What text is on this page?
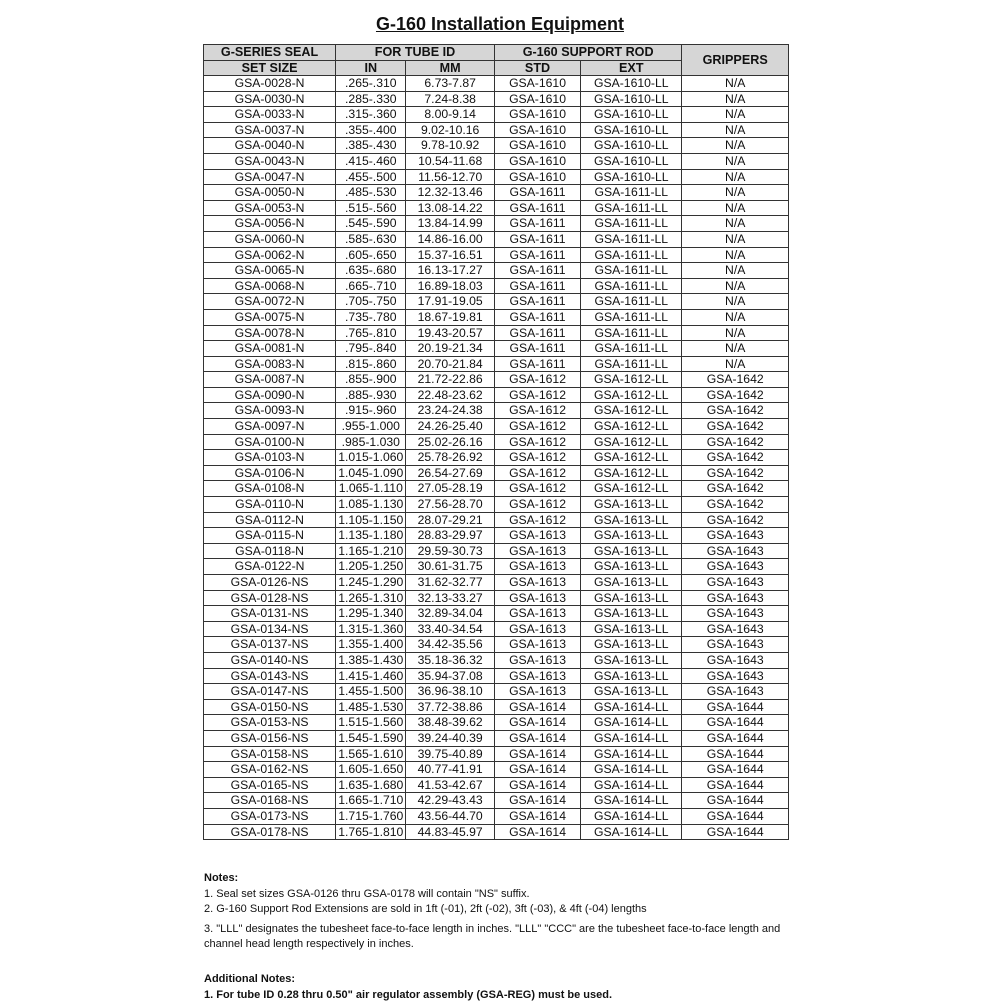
G-160 Installation Equipment
G-SERIES SEAL	FOR TUBE ID		G-160 SUPPORT ROD		GRIPPERS
SET SIZE	IN	MM	STD	EXT	
GSA-0028-N	.265-.310	6.73-7.87	GSA-1610	GSA-1610-LL	N/A
GSA-0030-N	.285-.330	7.24-8.38	GSA-1610	GSA-1610-LL	N/A
GSA-0033-N	.315-.360	8.00-9.14	GSA-1610	GSA-1610-LL	N/A
GSA-0037-N	.355-.400	9.02-10.16	GSA-1610	GSA-1610-LL	N/A
GSA-0040-N	.385-.430	9.78-10.92	GSA-1610	GSA-1610-LL	N/A
GSA-0043-N	.415-.460	10.54-11.68	GSA-1610	GSA-1610-LL	N/A
GSA-0047-N	.455-.500	11.56-12.70	GSA-1610	GSA-1610-LL	N/A
GSA-0050-N	.485-.530	12.32-13.46	GSA-1611	GSA-1611-LL	N/A
GSA-0053-N	.515-.560	13.08-14.22	GSA-1611	GSA-1611-LL	N/A
GSA-0056-N	.545-.590	13.84-14.99	GSA-1611	GSA-1611-LL	N/A
GSA-0060-N	.585-.630	14.86-16.00	GSA-1611	GSA-1611-LL	N/A
GSA-0062-N	.605-.650	15.37-16.51	GSA-1611	GSA-1611-LL	N/A
GSA-0065-N	.635-.680	16.13-17.27	GSA-1611	GSA-1611-LL	N/A
GSA-0068-N	.665-.710	16.89-18.03	GSA-1611	GSA-1611-LL	N/A
GSA-0072-N	.705-.750	17.91-19.05	GSA-1611	GSA-1611-LL	N/A
GSA-0075-N	.735-.780	18.67-19.81	GSA-1611	GSA-1611-LL	N/A
GSA-0078-N	.765-.810	19.43-20.57	GSA-1611	GSA-1611-LL	N/A
GSA-0081-N	.795-.840	20.19-21.34	GSA-1611	GSA-1611-LL	N/A
GSA-0083-N	.815-.860	20.70-21.84	GSA-1611	GSA-1611-LL	N/A
GSA-0087-N	.855-.900	21.72-22.86	GSA-1612	GSA-1612-LL	GSA-1642
GSA-0090-N	.885-.930	22.48-23.62	GSA-1612	GSA-1612-LL	GSA-1642
GSA-0093-N	.915-.960	23.24-24.38	GSA-1612	GSA-1612-LL	GSA-1642
GSA-0097-N	.955-1.000	24.26-25.40	GSA-1612	GSA-1612-LL	GSA-1642
GSA-0100-N	.985-1.030	25.02-26.16	GSA-1612	GSA-1612-LL	GSA-1642
GSA-0103-N	1.015-1.060	25.78-26.92	GSA-1612	GSA-1612-LL	GSA-1642
GSA-0106-N	1.045-1.090	26.54-27.69	GSA-1612	GSA-1612-LL	GSA-1642
GSA-0108-N	1.065-1.110	27.05-28.19	GSA-1612	GSA-1612-LL	GSA-1642
GSA-0110-N	1.085-1.130	27.56-28.70	GSA-1612	GSA-1613-LL	GSA-1642
GSA-0112-N	1.105-1.150	28.07-29.21	GSA-1612	GSA-1613-LL	GSA-1642
GSA-0115-N	1.135-1.180	28.83-29.97	GSA-1613	GSA-1613-LL	GSA-1643
GSA-0118-N	1.165-1.210	29.59-30.73	GSA-1613	GSA-1613-LL	GSA-1643
GSA-0122-N	1.205-1.250	30.61-31.75	GSA-1613	GSA-1613-LL	GSA-1643
GSA-0126-NS	1.245-1.290	31.62-32.77	GSA-1613	GSA-1613-LL	GSA-1643
GSA-0128-NS	1.265-1.310	32.13-33.27	GSA-1613	GSA-1613-LL	GSA-1643
GSA-0131-NS	1.295-1.340	32.89-34.04	GSA-1613	GSA-1613-LL	GSA-1643
GSA-0134-NS	1.315-1.360	33.40-34.54	GSA-1613	GSA-1613-LL	GSA-1643
GSA-0137-NS	1.355-1.400	34.42-35.56	GSA-1613	GSA-1613-LL	GSA-1643
GSA-0140-NS	1.385-1.430	35.18-36.32	GSA-1613	GSA-1613-LL	GSA-1643
GSA-0143-NS	1.415-1.460	35.94-37.08	GSA-1613	GSA-1613-LL	GSA-1643
GSA-0147-NS	1.455-1.500	36.96-38.10	GSA-1613	GSA-1613-LL	GSA-1643
GSA-0150-NS	1.485-1.530	37.72-38.86	GSA-1614	GSA-1614-LL	GSA-1644
GSA-0153-NS	1.515-1.560	38.48-39.62	GSA-1614	GSA-1614-LL	GSA-1644
GSA-0156-NS	1.545-1.590	39.24-40.39	GSA-1614	GSA-1614-LL	GSA-1644
GSA-0158-NS	1.565-1.610	39.75-40.89	GSA-1614	GSA-1614-LL	GSA-1644
GSA-0162-NS	1.605-1.650	40.77-41.91	GSA-1614	GSA-1614-LL	GSA-1644
GSA-0165-NS	1.635-1.680	41.53-42.67	GSA-1614	GSA-1614-LL	GSA-1644
GSA-0168-NS	1.665-1.710	42.29-43.43	GSA-1614	GSA-1614-LL	GSA-1644
GSA-0173-NS	1.715-1.760	43.56-44.70	GSA-1614	GSA-1614-LL	GSA-1644
GSA-0178-NS	1.765-1.810	44.83-45.97	GSA-1614	GSA-1614-LL	GSA-1644
Notes:
1. Seal set sizes GSA-0126 thru GSA-0178 will contain "NS" suffix.
2. G-160 Support Rod Extensions are sold in 1ft (-01), 2ft (-02), 3ft (-03), & 4ft (-04) lengths
3. "LLL" designates the tubesheet face-to-face length in inches. "LLL" "CCC" are the tubesheet face-to-face length and channel head length respectively in inches.
Additional Notes:
1. For tube ID 0.28 thru 0.50" air regulator assembly (GSA-REG) must be used.
